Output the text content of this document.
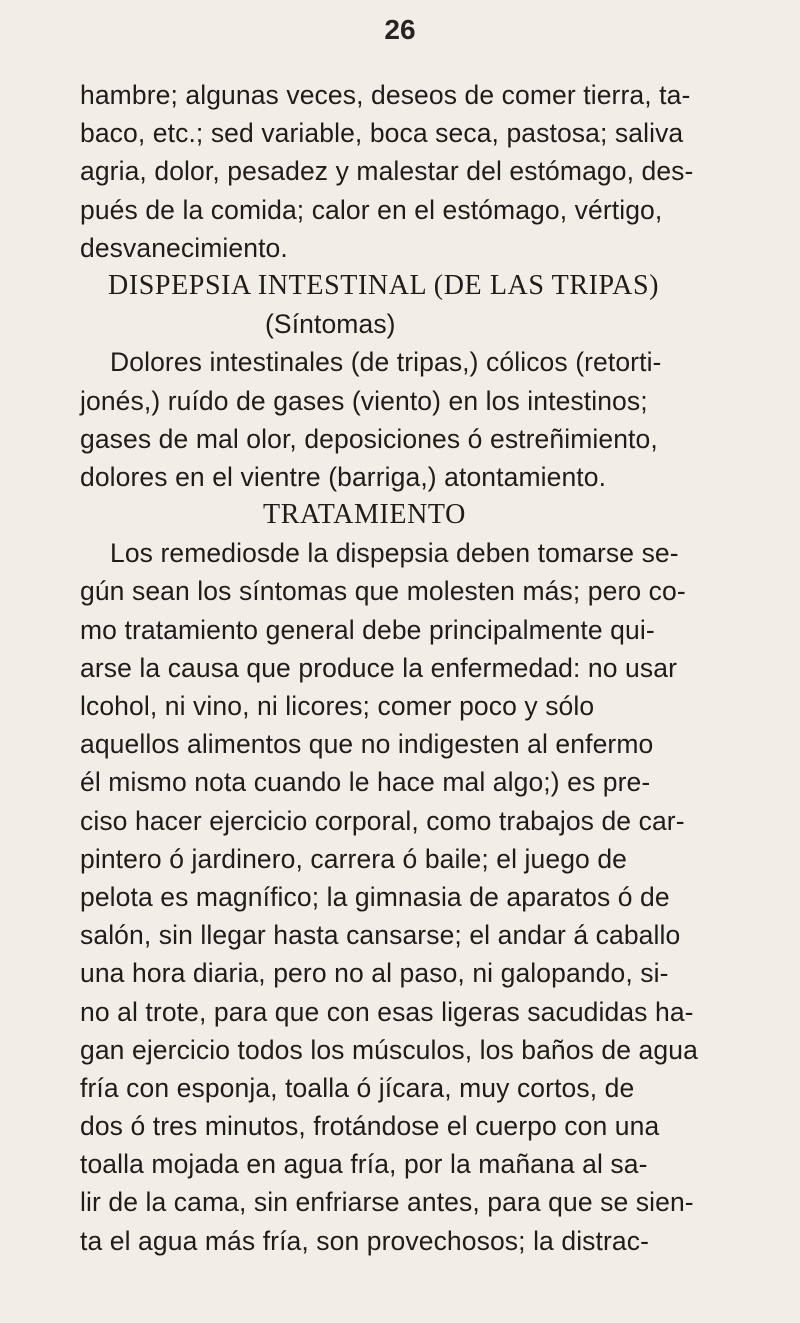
26
hambre; algunas veces, deseos de comer tierra, ta-
baco, etc.; sed variable, boca seca, pastosa; saliva
agria, dolor, pesadez y malestar del estómago, des-
pués de la comida; calor en el estómago, vértigo,
desvanecimiento.
DISPEPSIA INTESTINAL (DE LAS TRIPAS)
(Síntomas)
Dolores intestinales (de tripas,) cólicos (retorti-
jonés,) ruído de gases (viento) en los intestinos;
gases de mal olor, deposiciones ó estreñimiento,
dolores en el vientre (barriga,) atontamiento.
TRATAMIENTO
Los remediosde la dispepsia deben tomarse se-
gún sean los síntomas que molesten más; pero co-
mo tratamiento general debe principalmente qui-
arse la causa que produce la enfermedad: no usar
lcohol, ni vino, ni licores; comer poco y sólo
aquellos alimentos que no indigesten al enfermo
él mismo nota cuando le hace mal algo;) es pre-
ciso hacer ejercicio corporal, como trabajos de car-
pintero ó jardinero, carrera ó baile; el juego de
pelota es magnífico; la gimnasia de aparatos ó de
salón, sin llegar hasta cansarse; el andar á caballo
una hora diaria, pero no al paso, ni galopando, si-
no al trote, para que con esas ligeras sacudidas ha-
gan ejercicio todos los músculos, los baños de agua
fría con esponja, toalla ó jícara, muy cortos, de
dos ó tres minutos, frotándose el cuerpo con una
toalla mojada en agua fría, por la mañana al sa-
lir de la cama, sin enfriarse antes, para que se sien-
ta el agua más fría, son provechosos; la distrac-
